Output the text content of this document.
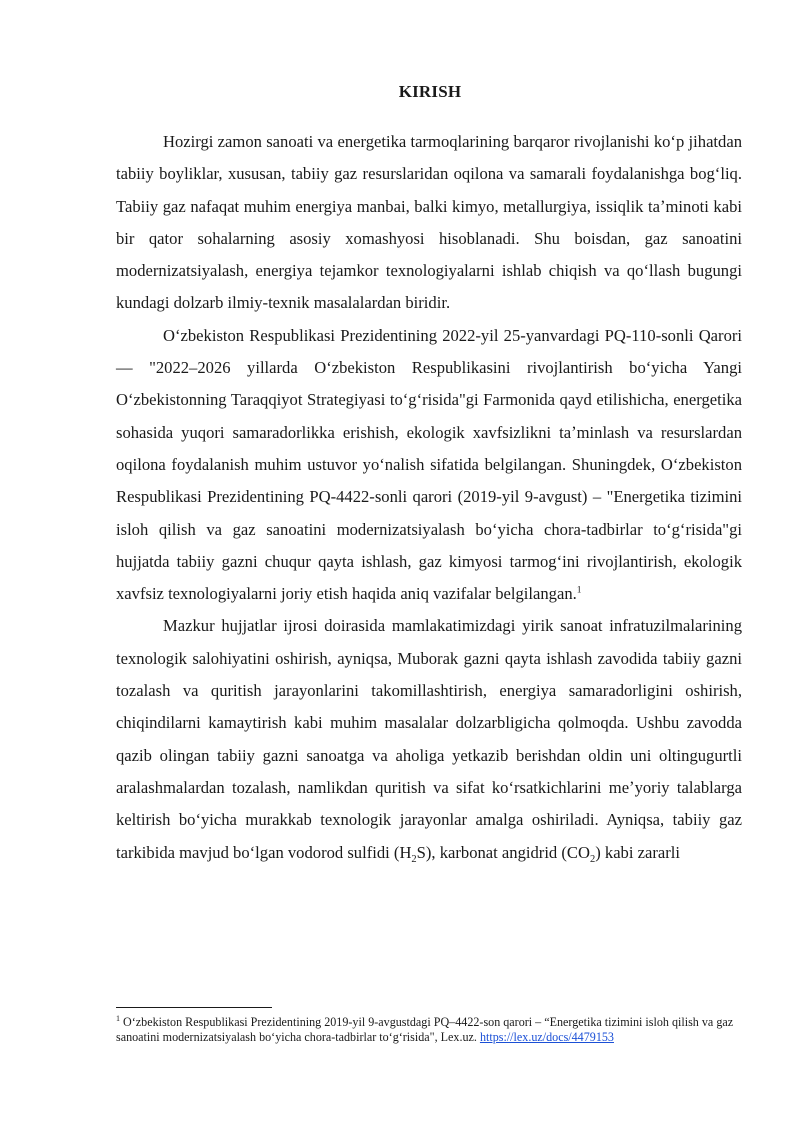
KIRISH

Hozirgi zamon sanoati va energetika tarmoqlarining barqaror rivojlanishi koʻp jihatdan tabiiy boyliklar, xususan, tabiiy gaz resurslaridan oqilona va samarali foydalanishga bogʻliq. Tabiiy gaz nafaqat muhim energiya manbai, balki kimyo, metallurgiya, issiqlik taʼminoti kabi bir qator sohalarning asosiy xomashyosi hisoblanadi. Shu boisdan, gaz sanoatini modernizatsiyalash, energiya tejamkor texnologiyalarni ishlab chiqish va qoʻllash bugungi kundagi dolzarb ilmiy-texnik masalalardan biridir.

Oʻzbekiston Respublikasi Prezidentining 2022-yil 25-yanvardagi PQ-110-sonli Qarori — "2022–2026 yillarda Oʻzbekiston Respublikasini rivojlantirish boʻyicha Yangi Oʻzbekistonning Taraqqiyot Strategiyasi toʻgʻrisida"gi Farmonida qayd etilishicha, energetika sohasida yuqori samaradorlikka erishish, ekologik xavfsizlikni taʼminlash va resurslardan oqilona foydalanish muhim ustuvor yoʻnalish sifatida belgilangan. Shuningdek, Oʻzbekiston Respublikasi Prezidentining PQ-4422-sonli qarori (2019-yil 9-avgust) – "Energetika tizimini isloh qilish va gaz sanoatini modernizatsiyalash boʻyicha chora-tadbirlar toʻgʻrisida"gi hujjatda tabiiy gazni chuqur qayta ishlash, gaz kimyosi tarmogʻini rivojlantirish, ekologik xavfsiz texnologiyalarni joriy etish haqida aniq vazifalar belgilangan.$^1$

Mazkur hujjatlar ijrosi doirasida mamlakatimizdagi yirik sanoat infratuzilmalarining texnologik salohiyatini oshirish, ayniqsa, Muborak gazni qayta ishlash zavodida tabiiy gazni tozalash va quritish jarayonlarini takomillashtirish, energiya samaradorligini oshirish, chiqindilarni kamaytirish kabi muhim masalalar dolzarbligicha qolmoqda. Ushbu zavodda qazib olingan tabiiy gazni sanoatga va aholiga yetkazib berishdan oldin uni oltingugurtli aralashmalardan tozalash, namlikdan quritish va sifat koʻrsatkichlarini meʼyoriy talablarga keltirish boʻyicha murakkab texnologik jarayonlar amalga oshiriladi. Ayniqsa, tabiiy gaz tarkibida mavjud boʻlgan vodorod sulfidi $(H_2S)$, karbonat angidrid $(CO_2)$ kabi zararli

$^1$ Oʻzbekiston Respublikasi Prezidentining 2019-yil 9-avgustdagi PQ–4422-son qarori – “Energetika tizimini isloh qilish va gaz sanoatini modernizatsiyalash boʻyicha chora-tadbirlar toʻgʻrisida", Lex.uz. https://lex.uz/docs/4479153
